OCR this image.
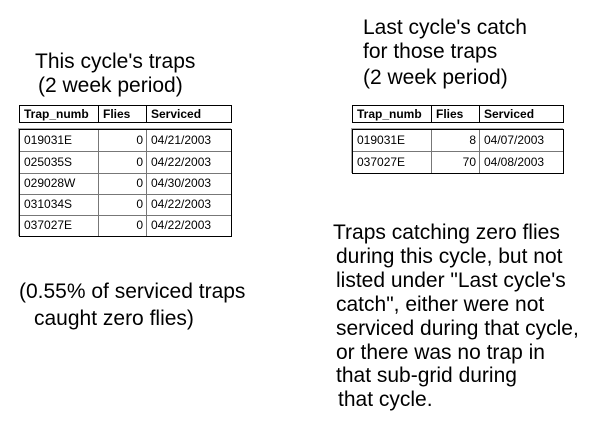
This cycle's traps
(2 week period)
Last cycle's catch
for those traps
(2 week period)
Trap_numb	Flies	Serviced
019031E	0 04/21/2003
025035S	0 04/22/2003
029028W	0 04/30/2003
031034S	0 04/22/2003
037027E	0 04/22/2003
Trap_numb	Flies	Serviced
019031E	8 04/07/2003
037027E	70 04/08/2003
(0.55% of serviced traps
caught zero flies)
Traps catching zero flies
during this cycle, but not
listed under "Last cycle's
catch", either were not
serviced during that cycle,
or there was no trap in
that sub-grid during
that cycle.
